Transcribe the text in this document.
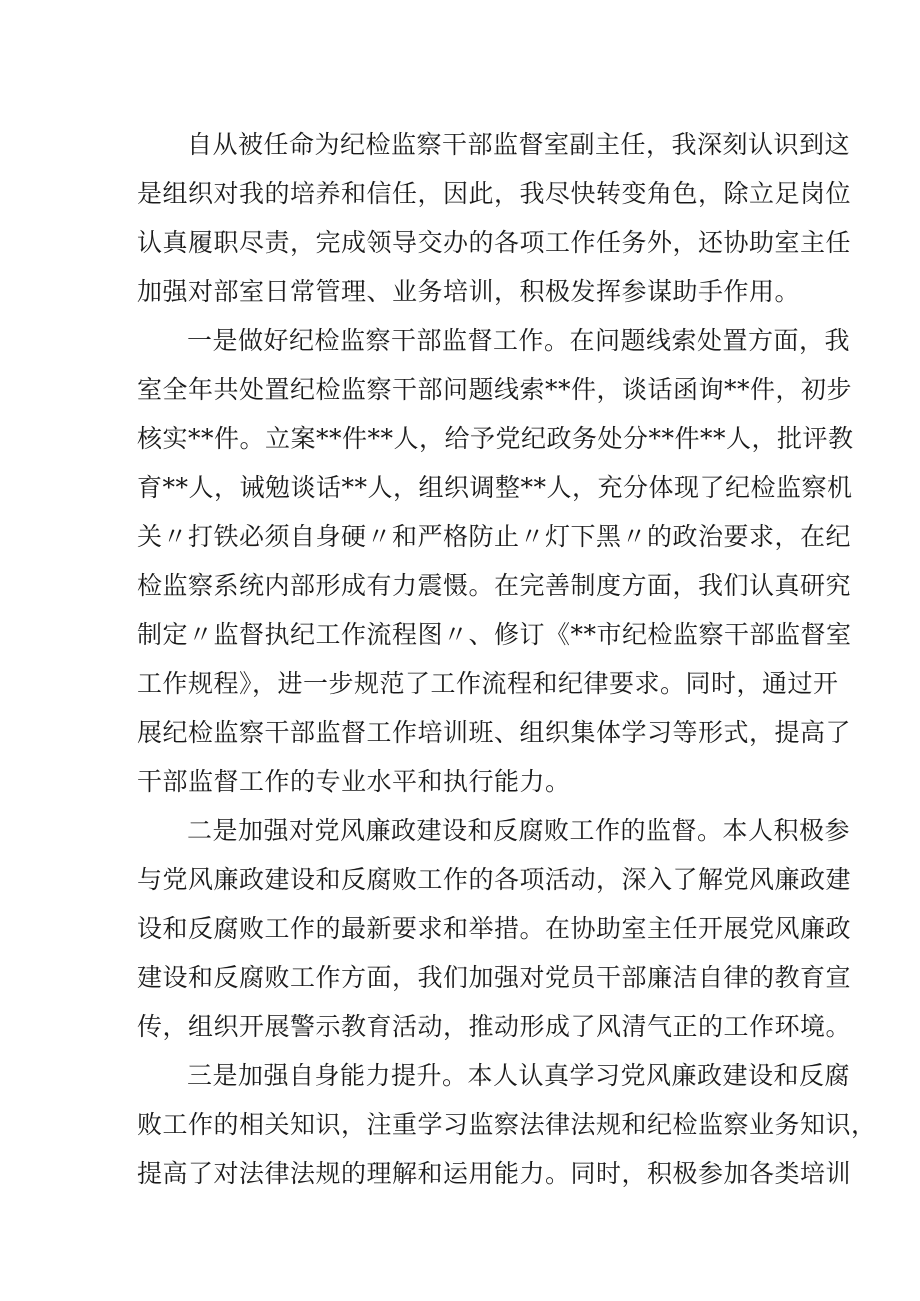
自从被任命为纪检监察干部监督室副主任，我深刻认识到这
是组织对我的培养和信任，因此，我尽快转变角色，除立足岗位
认真履职尽责，完成领导交办的各项工作任务外，还协助室主任
加强对部室日常管理、业务培训，积极发挥参谋助手作用。
一是做好纪检监察干部监督工作。在问题线索处置方面，我
室全年共处置纪检监察干部问题线索**件，谈话函询**件，初步
核实**件。立案**件**人，给予党纪政务处分**件**人，批评教
育**人，诫勉谈话**人，组织调整**人，充分体现了纪检监察机
关〃打铁必须自身硬〃和严格防止〃灯下黑〃的政治要求，在纪
检监察系统内部形成有力震慑。在完善制度方面，我们认真研究
制定〃监督执纪工作流程图〃、修订《**市纪检监察干部监督室
工作规程》，进一步规范了工作流程和纪律要求。同时，通过开
展纪检监察干部监督工作培训班、组织集体学习等形式，提高了
干部监督工作的专业水平和执行能力。
二是加强对党风廉政建设和反腐败工作的监督。本人积极参
与党风廉政建设和反腐败工作的各项活动，深入了解党风廉政建
设和反腐败工作的最新要求和举措。在协助室主任开展党风廉政
建设和反腐败工作方面，我们加强对党员干部廉洁自律的教育宣
传，组织开展警示教育活动，推动形成了风清气正的工作环境。
三是加强自身能力提升。本人认真学习党风廉政建设和反腐
败工作的相关知识，注重学习监察法律法规和纪检监察业务知识，
提高了对法律法规的理解和运用能力。同时，积极参加各类培训
